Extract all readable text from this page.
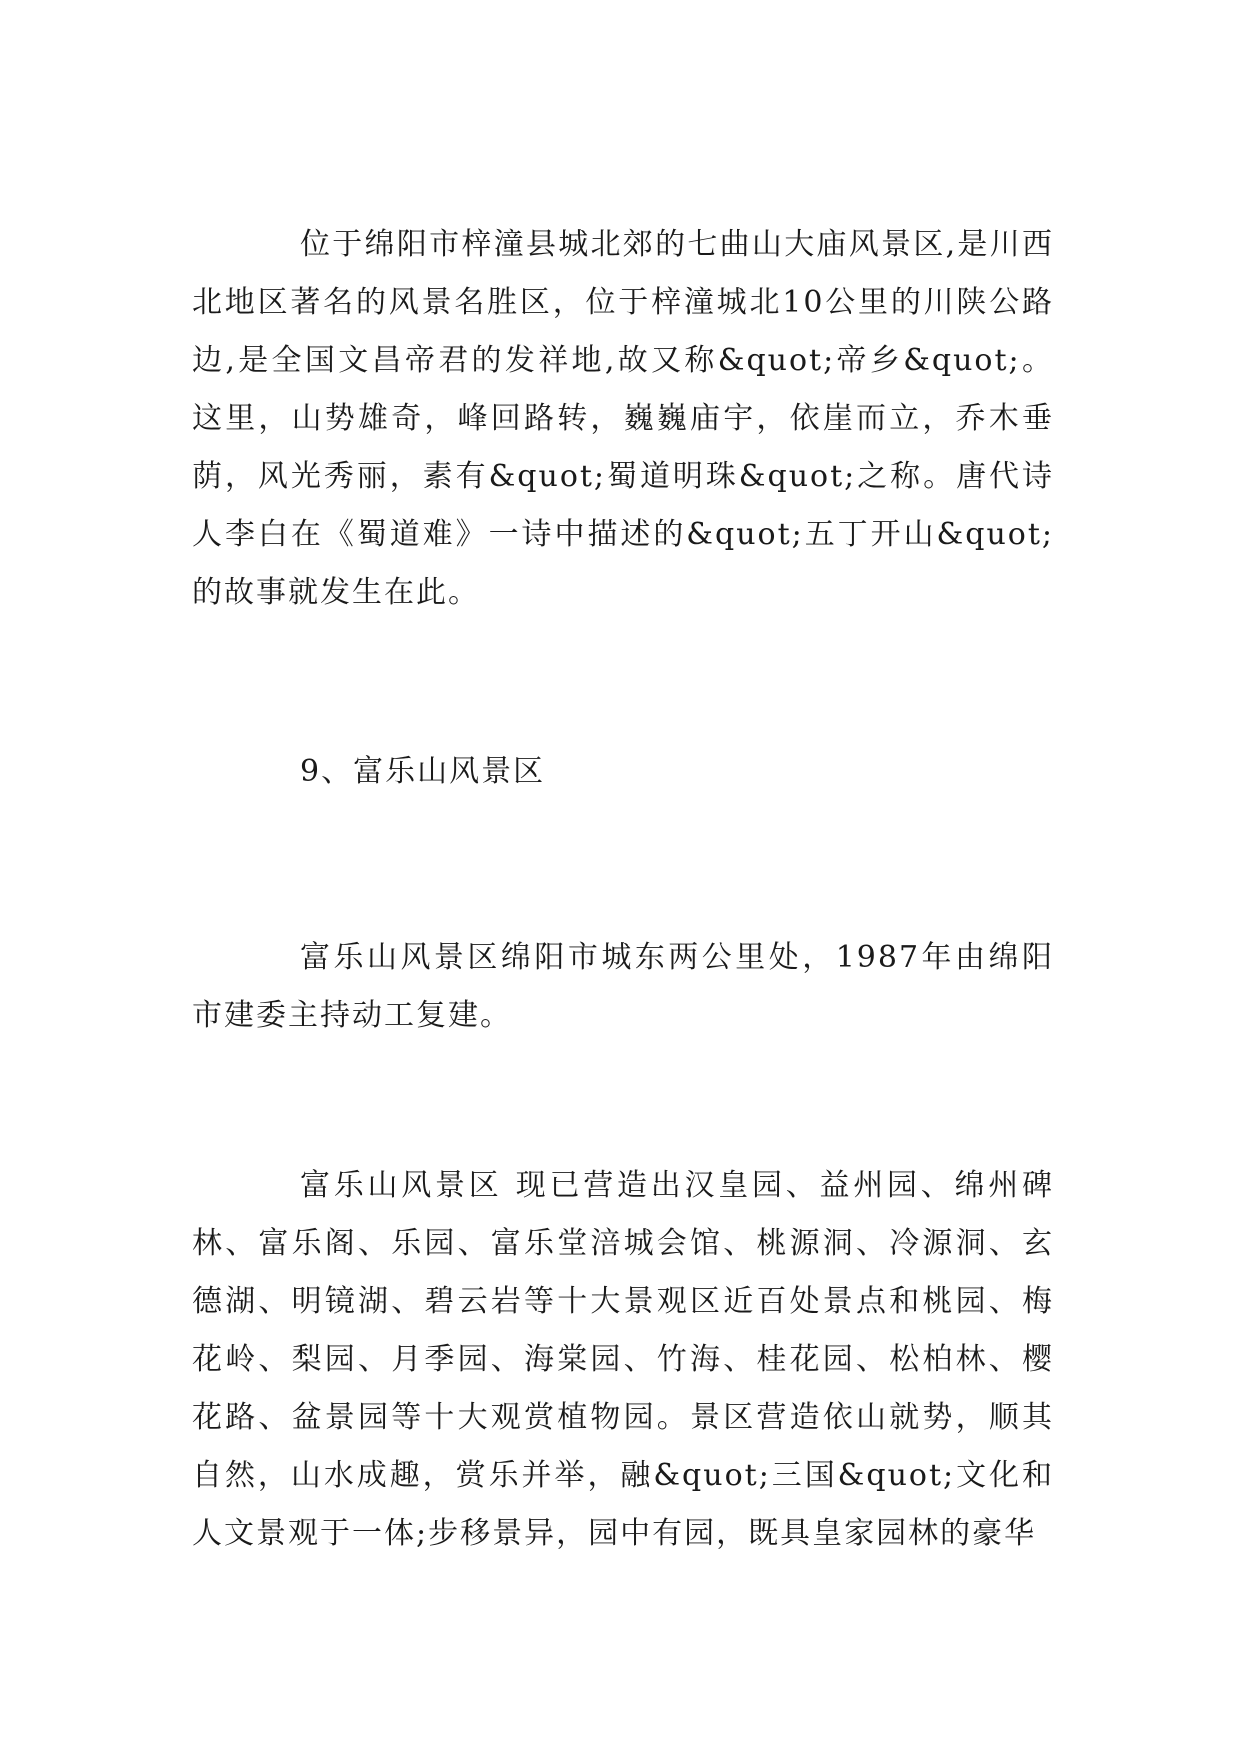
位于绵阳市梓潼县城北郊的七曲山大庙风景区,是川西北地区著名的风景名胜区，位于梓潼城北10公里的川陕公路边,是全国文昌帝君的发祥地,故又称&quot;帝乡&quot;。这里，山势雄奇，峰回路转，巍巍庙宇，依崖而立，乔木垂荫，风光秀丽，素有&quot;蜀道明珠&quot;之称。唐代诗人李白在《蜀道难》一诗中描述的&quot;五丁开山&quot;的故事就发生在此。

9、富乐山风景区

富乐山风景区绵阳市城东两公里处，1987年由绵阳市建委主持动工复建。

富乐山风景区 现已营造出汉皇园、益州园、绵州碑林、富乐阁、乐园、富乐堂涪城会馆、桃源洞、冷源洞、玄德湖、明镜湖、碧云岩等十大景观区近百处景点和桃园、梅花岭、梨园、月季园、海棠园、竹海、桂花园、松柏林、樱花路、盆景园等十大观赏植物园。景区营造依山就势，顺其自然，山水成趣，赏乐并举，融&quot;三国&quot;文化和人文景观于一体;步移景异，园中有园，既具皇家园林的豪华
